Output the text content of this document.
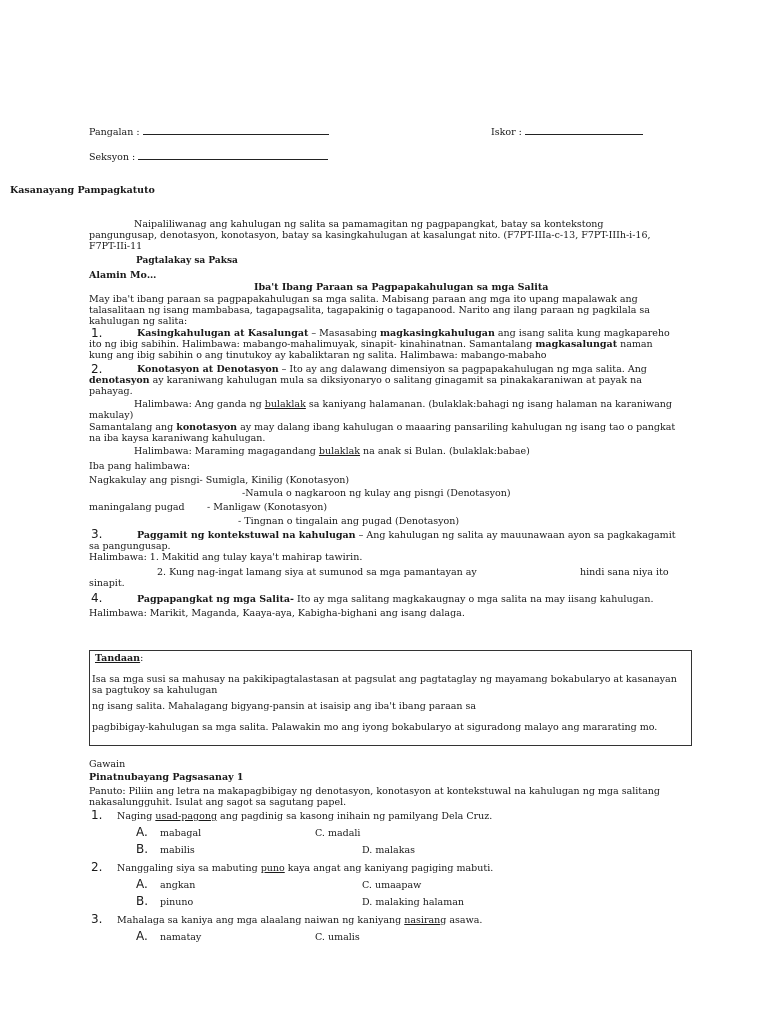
Pangalan :	Iskor :
Seksyon :
Kasanayang Pampagkatuto
Naipaliliwanag ang kahulugan ng salita sa pamamagitan ng pagpapangkat, batay sa kontekstong pangungusap, denotasyon, konotasyon, batay sa kasingkahulugan at kasalungat nito. (F7PT-IIIa-c-13, F7PT-IIIh-i-16, F7PT-IIi-11
Pagtalakay sa Paksa
Alamin Mo…
Iba't Ibang Paraan sa Pagpapakahulugan sa mga Salita
May iba't ibang paraan sa pagpapakahulugan sa mga salita. Mabisang paraan ang mga ito upang mapalawak ang talasalitaan ng isang mambabasa, tagapagsalita, tagapakinig o tagapanood. Narito ang ilang paraan ng pagkilala sa kahulugan ng salita:
1.	Kasingkahulugan at Kasalungat – Masasabing magkasingkahulugan ang isang salita kung magkapareho ito ng ibig sabihin. Halimbawa: mabango-mahalimuyak, sinapit- kinahinatnan. Samantalang magkasalungat naman kung ang ibig sabihin o ang tinutukoy ay kabaliktaran ng salita. Halimbawa: mabango-mabaho
2.	Konotasyon at Denotasyon – Ito ay ang dalawang dimensiyon sa pagpapakahulugan ng mga salita. Ang denotasyon ay karaniwang kahulugan mula sa diksiyonaryo o salitang ginagamit sa pinakakaraniwan at payak na pahayag.
Halimbawa: Ang ganda ng bulaklak sa kaniyang halamanan. (bulaklak:bahagi ng isang halaman na karaniwang makulay)
Samantalang ang konotasyon ay may dalang ibang kahulugan o maaaring pansariling kahulugan ng isang tao o pangkat na iba kaysa karaniwang kahulugan.
Halimbawa: Maraming magagandang bulaklak na anak si Bulan. (bulaklak:babae)
Iba pang halimbawa:
Nagkakulay ang pisngi- Sumigla, Kinilig (Konotasyon)
-Namula o nagkaroon ng kulay ang pisngi (Denotasyon)
maningalang pugad - Manligaw (Konotasyon)
- Tingnan o tingalain ang pugad (Denotasyon)
3.	Paggamit ng kontekstuwal na kahulugan – Ang kahulugan ng salita ay mauunawaan ayon sa pagkakagamit sa pangungusap.
Halimbawa: 1. Makitid ang tulay kaya't mahirap tawirin.
2. Kung nag-ingat lamang siya at sumunod sa mga pamantayan ay	hindi sana niya ito
sinapit.
4.	Pagpapangkat ng mga Salita- Ito ay mga salitang magkakaugnay o mga salita na may iisang kahulugan.
Halimbawa: Marikit, Maganda, Kaaya-aya, Kabigha-bighani ang isang dalaga.
Tandaan:
Isa sa mga susi sa mahusay na pakikipagtalastasan at pagsulat ang pagtataglay ng mayamang bokabularyo at kasanayan sa pagtukoy sa kahulugan
ng isang salita. Mahalagang bigyang-pansin at isaisip ang iba't ibang paraan sa
pagbibigay-kahulugan sa mga salita. Palawakin mo ang iyong bokabularyo at siguradong malayo ang mararating mo.
Gawain
Pinatnubayang Pagsasanay 1
Panuto: Piliin ang letra na makapagbibigay ng denotasyon, konotasyon at kontekstuwal na kahulugan ng mga salitang nakasalungguhit. Isulat ang sagot sa sagutang papel.
1. Naging usad-pagong ang pagdinig sa kasong inihain ng pamilyang Dela Cruz.
A. mabagal	C. madali
B. mabilis	D. malakas
2. Nanggaling siya sa mabuting puno kaya angat ang kaniyang pagiging mabuti.
A. angkan	C. umaapaw
B. pinuno	D. malaking halaman
3. Mahalaga sa kaniya ang mga alaalang naiwan ng kaniyang nasirang asawa.
A. namatay	C. umalis
